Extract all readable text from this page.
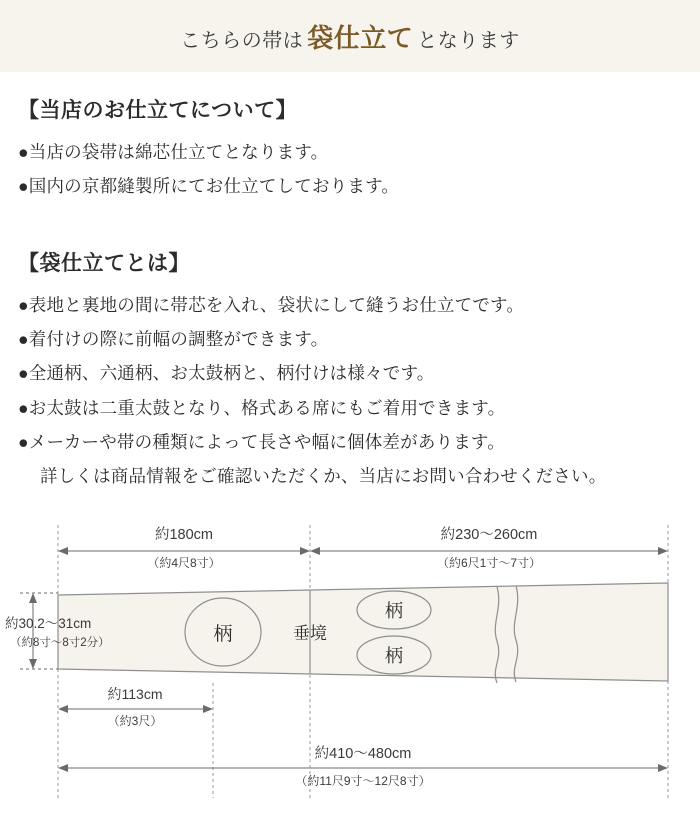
こちらの帯は 袋仕立て となります
【当店のお仕立てについて】

●当店の袋帯は綿芯仕立てとなります。

●国内の京都縫製所にてお仕立てしております。

【袋仕立てとは】

●表地と裏地の間に帯芯を入れ、袋状にして縫うお仕立てです。

●着付けの際に前幅の調整ができます。

●全通柄、六通柄、お太鼓柄と、柄付けは様々です。

●お太鼓は二重太鼓となり、格式ある席にもご着用できます。

●メーカーや帯の種類によって長さや幅に個体差があります。

詳しくは商品情報をご確認いただくか、当店にお問い合わせください。

約180cm
（約4尺8寸）
約230〜260cm
（約6尺1寸〜7寸）
柄
柄
柄
垂境
約30.2〜31cm
（約8寸〜8寸2分）
約113cm
（約3尺）
約410〜480cm
（約11尺9寸〜12尺8寸）
